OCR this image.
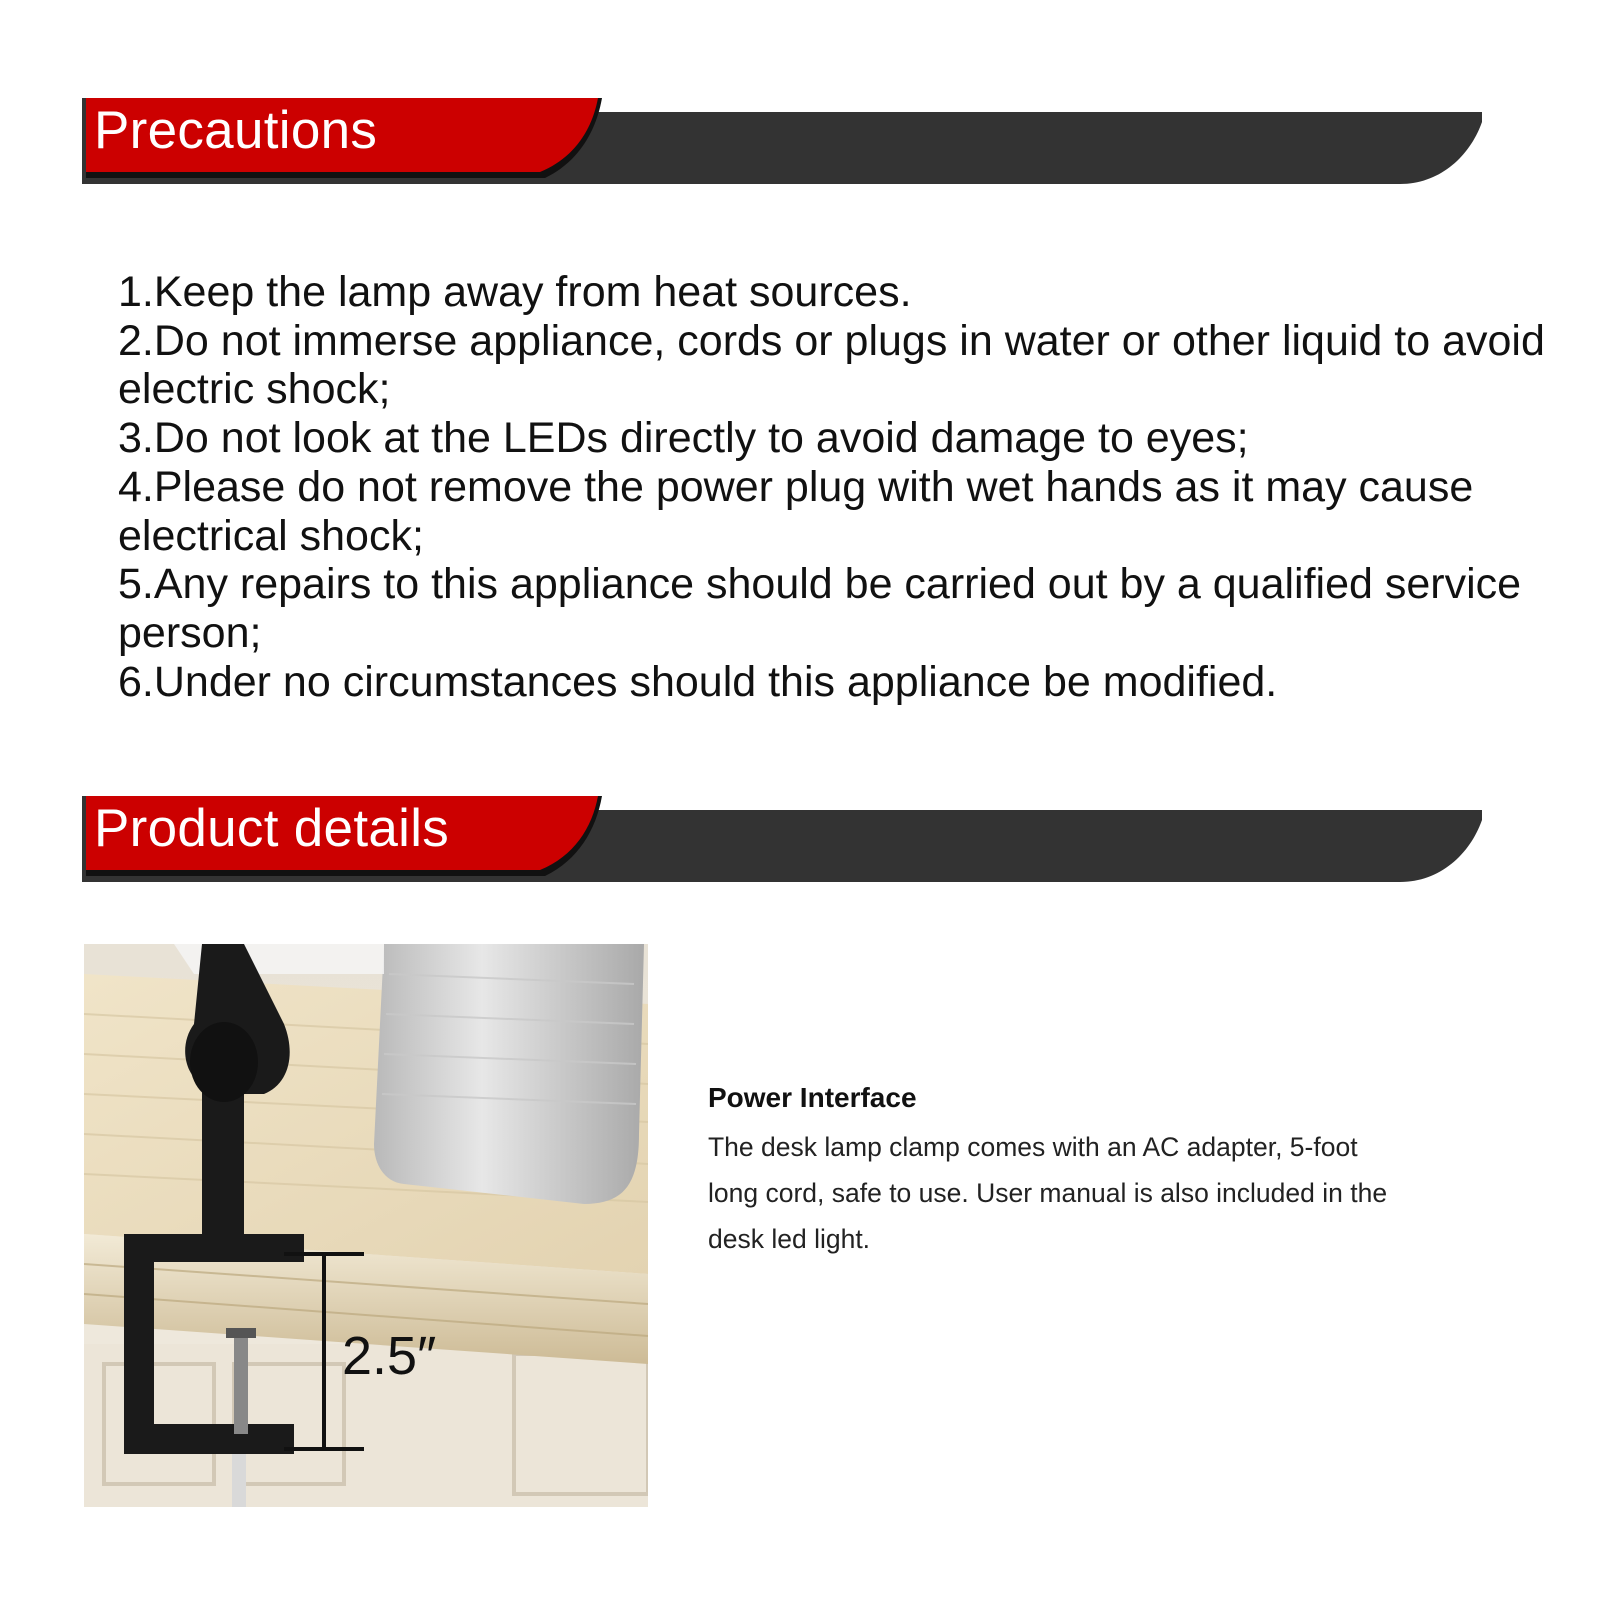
Precautions
1.Keep the lamp away from heat sources.
2.Do not immerse appliance, cords or plugs in water or other liquid to avoid electric shock;
3.Do not look at the LEDs directly to avoid damage to eyes;
4.Please do not remove the power plug with wet hands as it may cause electrical shock;
5.Any repairs to this appliance should be carried out by a qualified service person;
6.Under no circumstances should this appliance be modified.
Product details
2.5″
Power Interface

The desk lamp clamp comes with an AC adapter, 5-foot long cord, safe to use. User manual is also included in the desk led light.
